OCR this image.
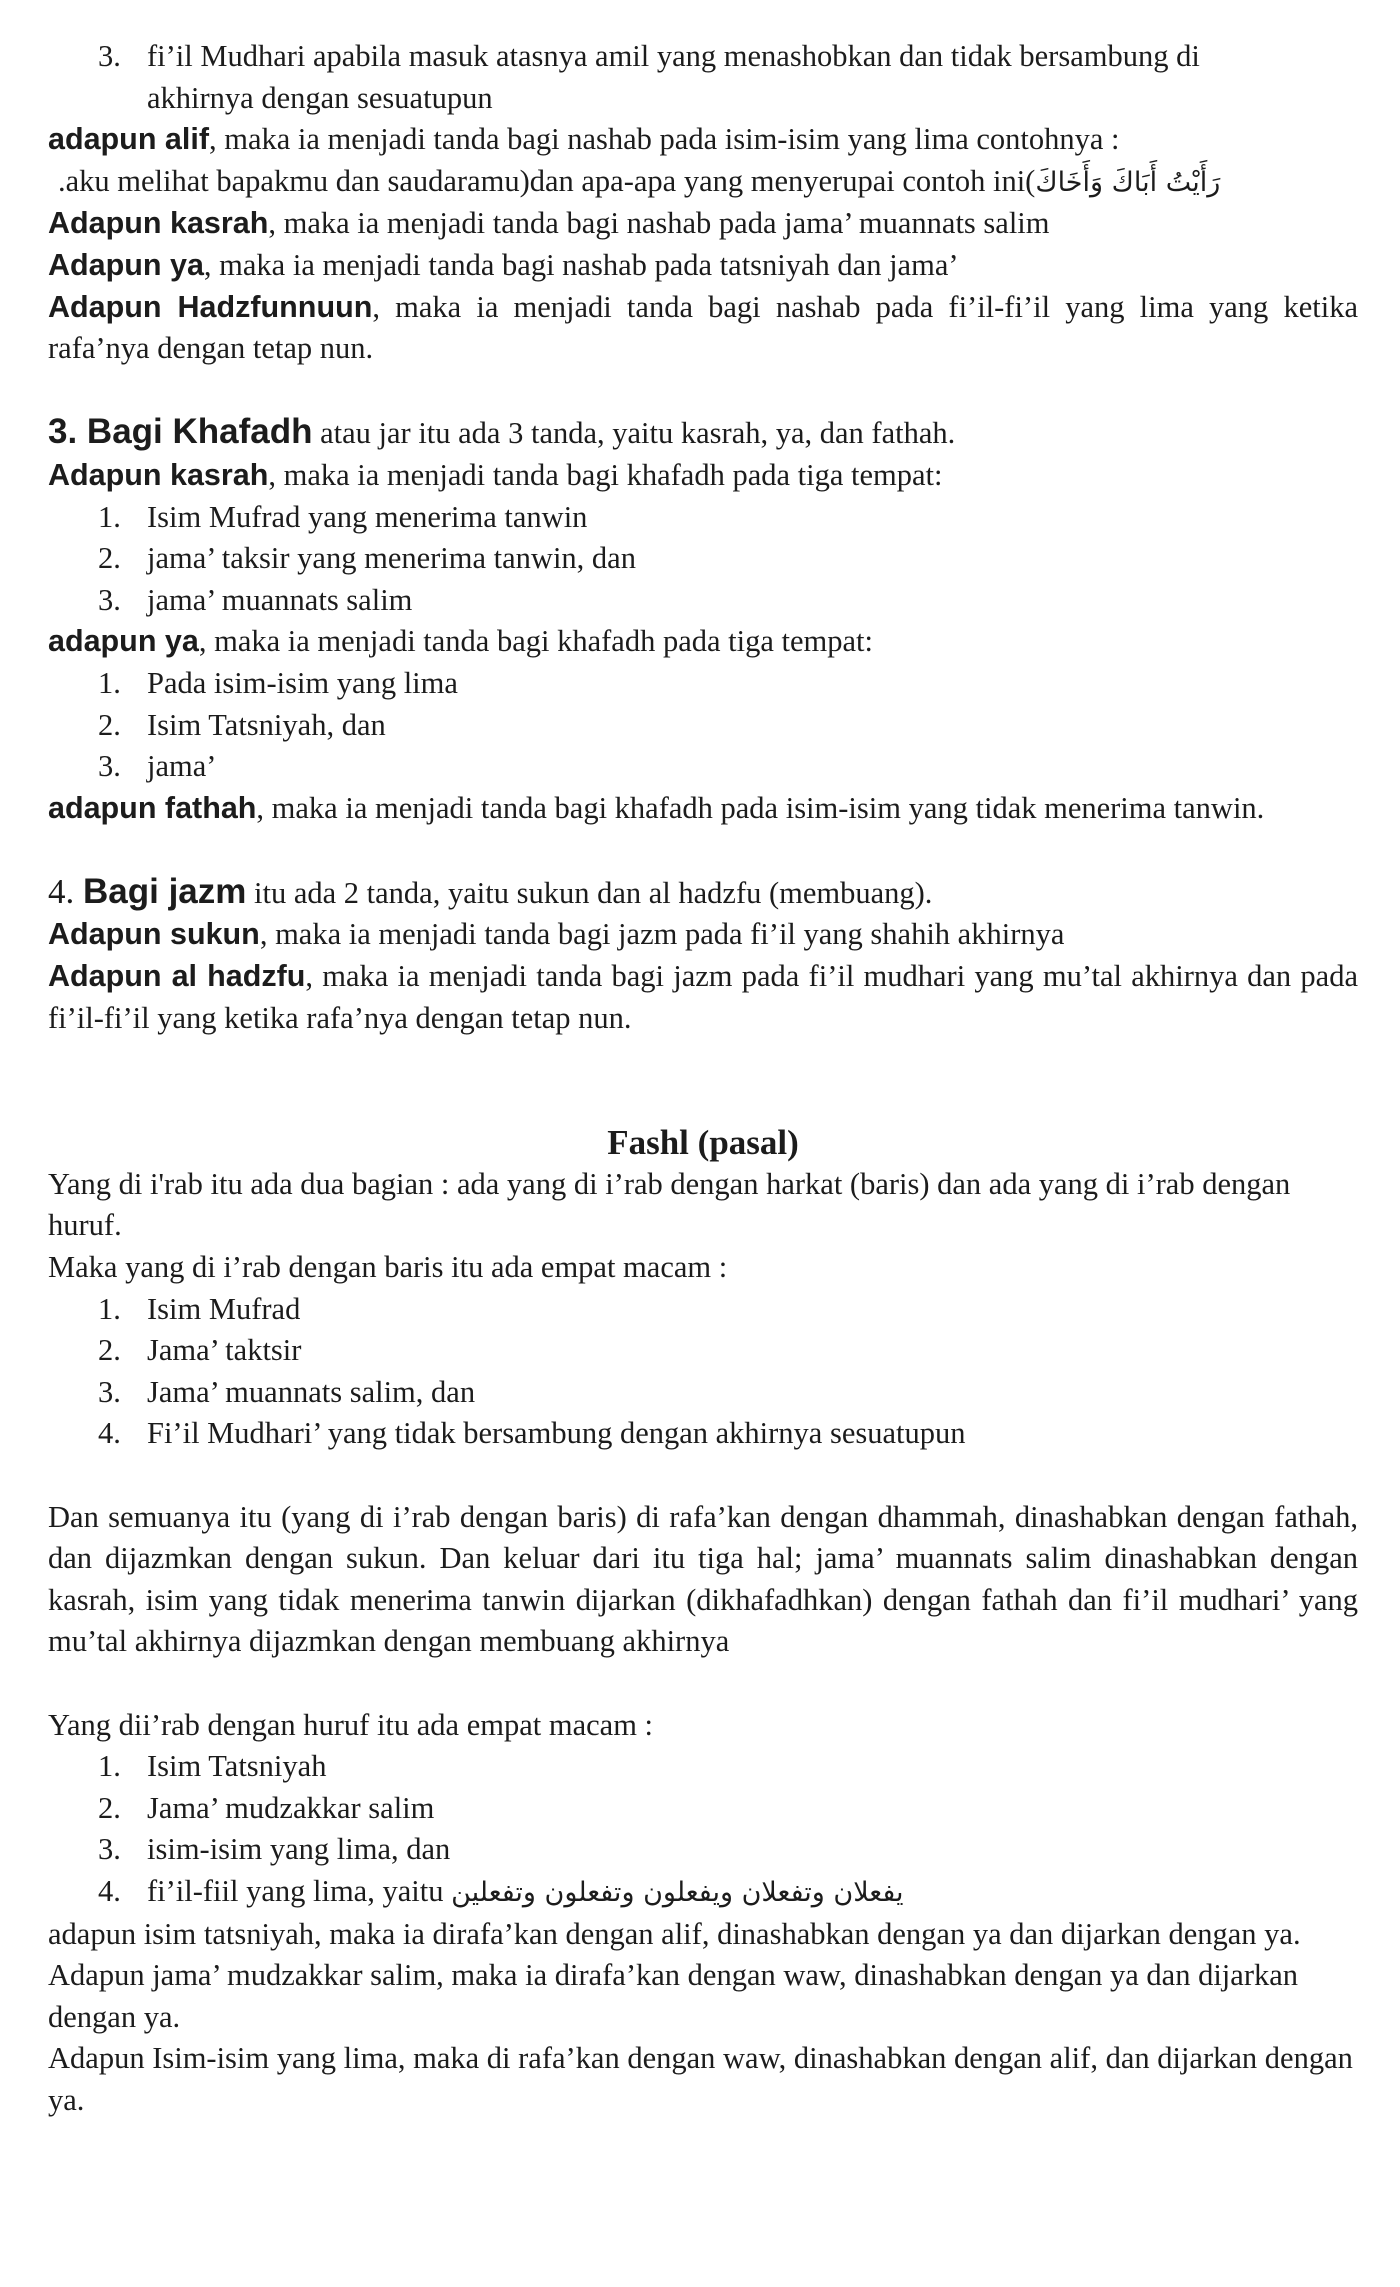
3. fi’il Mudhari apabila masuk atasnya amil yang menashobkan dan tidak bersambung di
akhirnya dengan sesuatupun

adapun alif, maka ia menjadi tanda bagi nashab pada isim-isim yang lima contohnya :

.aku melihat bapakmu dan saudaramu)dan apa-apa yang menyerupai contoh ini(رَأَيْتُ أَبَاكَ وَأَخَاكَ

Adapun kasrah, maka ia menjadi tanda bagi nashab pada jama’ muannats salim

Adapun ya, maka ia menjadi tanda bagi nashab pada tatsniyah dan jama’

Adapun Hadzfunnuun, maka ia menjadi tanda bagi nashab pada fi’il-fi’il yang lima yang ketika rafa’nya dengan tetap nun.

3. Bagi Khafadh atau jar itu ada 3 tanda, yaitu kasrah, ya, dan fathah.

Adapun kasrah, maka ia menjadi tanda bagi khafadh pada tiga tempat:

1. Isim Mufrad yang menerima tanwin
2. jama’ taksir yang menerima tanwin, dan
3. jama’ muannats salim

adapun ya, maka ia menjadi tanda bagi khafadh pada tiga tempat:

1. Pada isim-isim yang lima
2. Isim Tatsniyah, dan
3. jama’

adapun fathah, maka ia menjadi tanda bagi khafadh pada isim-isim yang tidak menerima tanwin.

4. Bagi jazm itu ada 2 tanda, yaitu sukun dan al hadzfu (membuang).

Adapun sukun, maka ia menjadi tanda bagi jazm pada fi’il yang shahih akhirnya

Adapun al hadzfu, maka ia menjadi tanda bagi jazm pada fi’il mudhari yang mu’tal akhirnya dan pada fi’il-fi’il yang ketika rafa’nya dengan tetap nun.

Fashl (pasal)

Yang di i'rab itu ada dua bagian : ada yang di i’rab dengan harkat (baris) dan ada yang di i’rab dengan huruf.

Maka yang di i’rab dengan baris itu ada empat macam :

1. Isim Mufrad
2. Jama’ taktsir
3. Jama’ muannats salim, dan
4. Fi’il Mudhari’ yang tidak bersambung dengan akhirnya sesuatupun

Dan semuanya itu (yang di i’rab dengan baris) di rafa’kan dengan dhammah, dinashabkan dengan fathah, dan dijazmkan dengan sukun. Dan keluar dari itu tiga hal; jama’ muannats salim dinashabkan dengan kasrah, isim yang tidak menerima tanwin dijarkan (dikhafadhkan) dengan fathah dan fi’il mudhari’ yang mu’tal akhirnya dijazmkan dengan membuang akhirnya

Yang dii’rab dengan huruf itu ada empat macam :

1. Isim Tatsniyah
2. Jama’ mudzakkar salim
3. isim-isim yang lima, dan
4. fi’il-fiil yang lima, yaitu يفعلان وتفعلان ويفعلون وتفعلون وتفعلين

adapun isim tatsniyah, maka ia dirafa’kan dengan alif, dinashabkan dengan ya dan dijarkan dengan ya.

Adapun jama’ mudzakkar salim, maka ia dirafa’kan dengan waw, dinashabkan dengan ya dan dijarkan dengan ya.

Adapun Isim-isim yang lima, maka di rafa’kan dengan waw, dinashabkan dengan alif, dan dijarkan dengan ya.
